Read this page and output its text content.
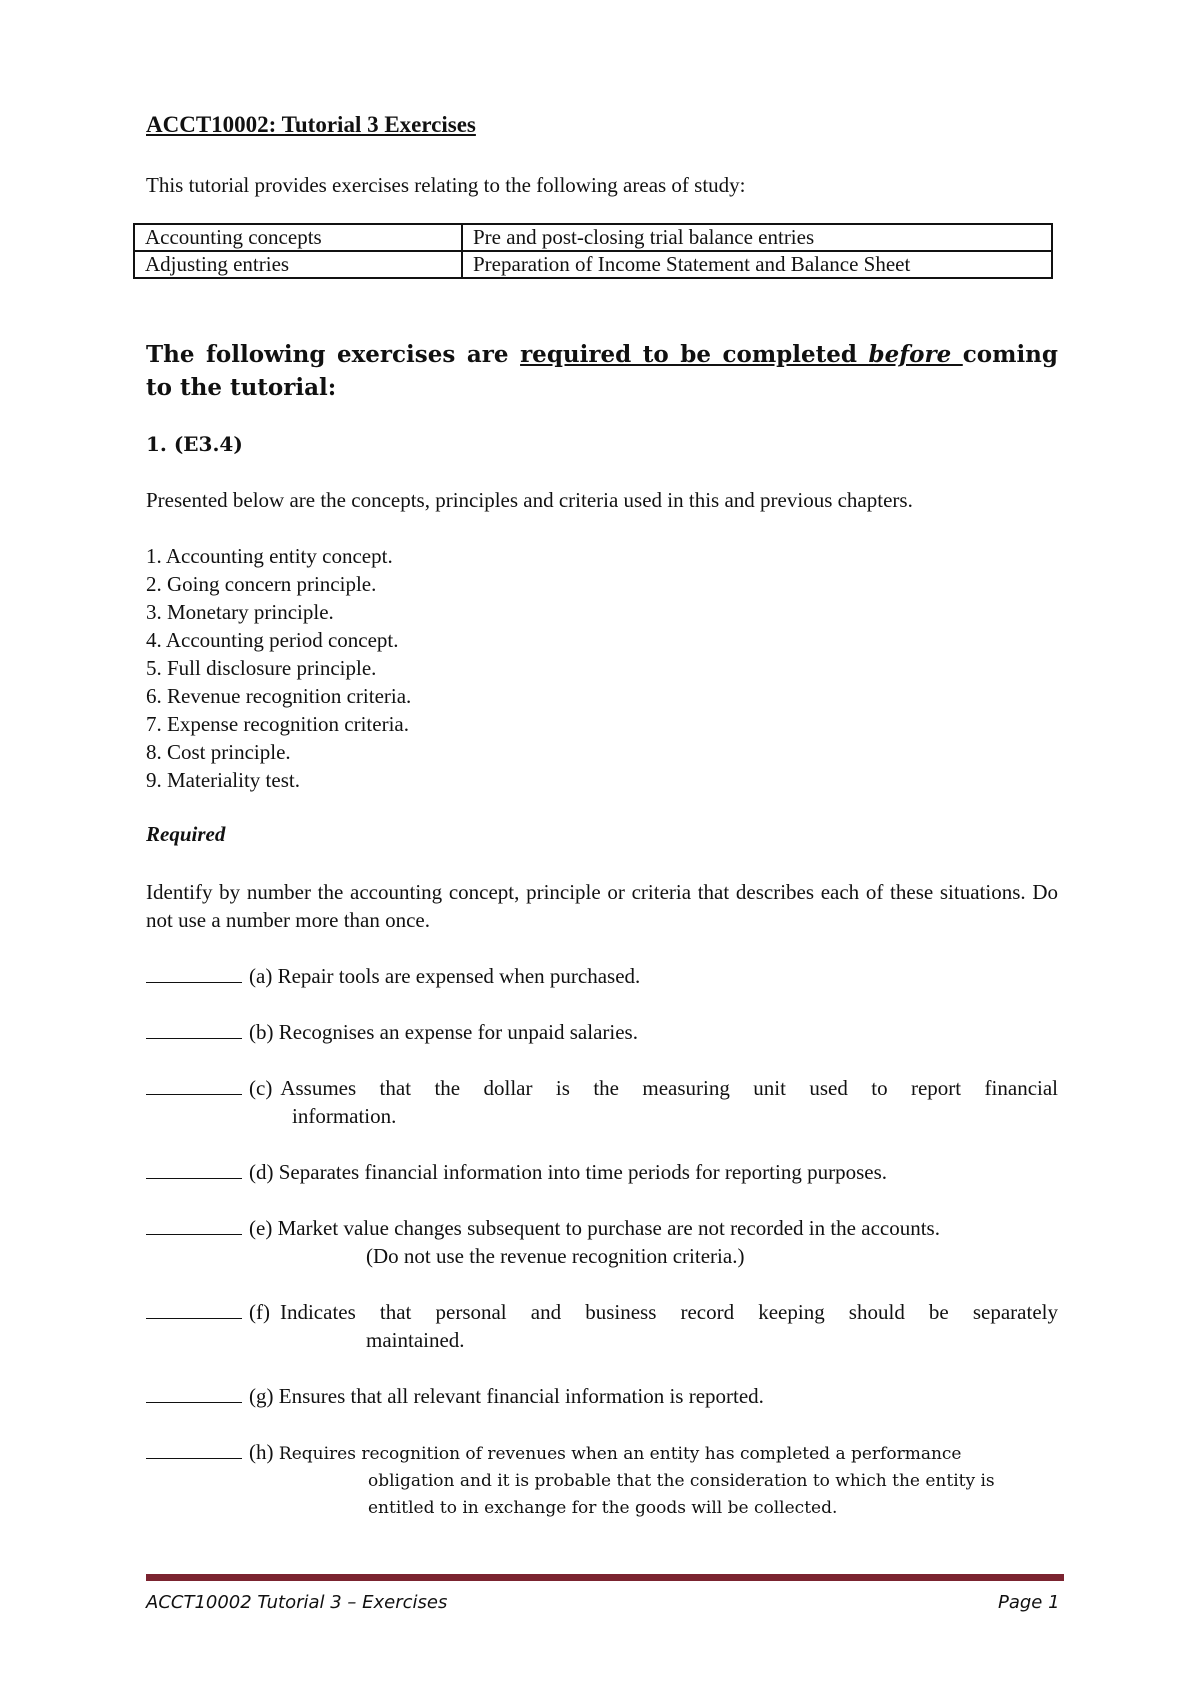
ACCT10002: Tutorial 3 Exercises
This tutorial provides exercises relating to the following areas of study:
Accounting concepts	Pre and post-closing trial balance entries
Adjusting entries	Preparation of Income Statement and Balance Sheet
The following exercises are required to be completed before coming to the tutorial:
1. (E3.4)
Presented below are the concepts, principles and criteria used in this and previous chapters.
1. Accounting entity concept.
2. Going concern principle.
3. Monetary principle.
4. Accounting period concept.
5. Full disclosure principle.
6. Revenue recognition criteria.
7. Expense recognition criteria.
8. Cost principle.
9. Materiality test.
Required
Identify by number the accounting concept, principle or criteria that describes each of these situations. Do not use a number more than once.
(a) Repair tools are expensed when purchased.
(b) Recognises an expense for unpaid salaries.
(c) Assumes that the dollar is the measuring unit used to report financial
information.
(d) Separates financial information into time periods for reporting purposes.
(e) Market value changes subsequent to purchase are not recorded in the accounts.
(Do not use the revenue recognition criteria.)
(f) Indicates that personal and business record keeping should be separately
maintained.
(g) Ensures that all relevant financial information is reported.
(h) Requires recognition of revenues when an entity has completed a performance
obligation and it is probable that the consideration to which the entity is
entitled to in exchange for the goods will be collected.
ACCT10002 Tutorial 3 – Exercises	Page 1
